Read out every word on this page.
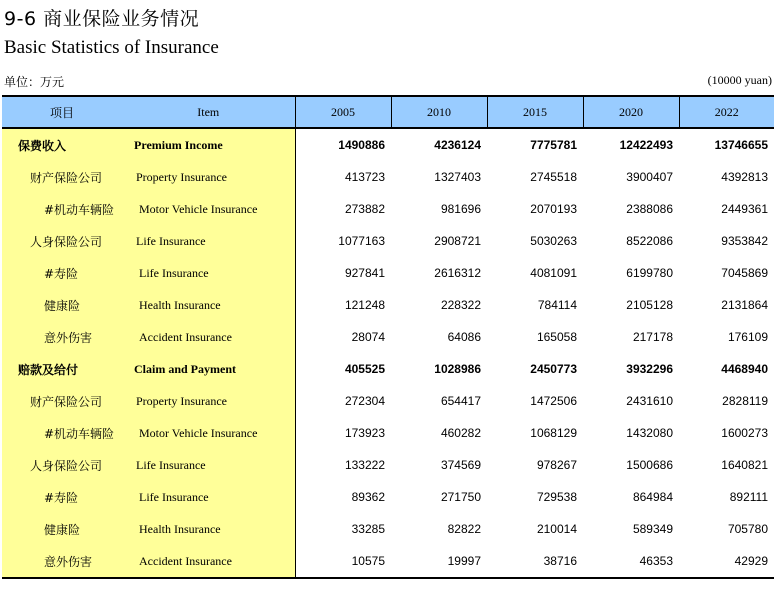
9-6 商业保险业务情况
Basic Statistics of Insurance
单位：万元	(10000 yuan)
项目	Item	2005	2010	2015	2020	2022
保费收入	Premium Income	1490886	4236124	7775781	12422493	13746655
财产保险公司	Property Insurance	413723	1327403	2745518	3900407	4392813
#机动车辆险	Motor Vehicle Insurance	273882	981696	2070193	2388086	2449361
人身保险公司	Life Insurance	1077163	2908721	5030263	8522086	9353842
#寿险	Life Insurance	927841	2616312	4081091	6199780	7045869
健康险	Health Insurance	121248	228322	784114	2105128	2131864
意外伤害	Accident Insurance	28074	64086	165058	217178	176109
赔款及给付	Claim and Payment	405525	1028986	2450773	3932296	4468940
财产保险公司	Property Insurance	272304	654417	1472506	2431610	2828119
#机动车辆险	Motor Vehicle Insurance	173923	460282	1068129	1432080	1600273
人身保险公司	Life Insurance	133222	374569	978267	1500686	1640821
#寿险	Life Insurance	89362	271750	729538	864984	892111
健康险	Health Insurance	33285	82822	210014	589349	705780
意外伤害	Accident Insurance	10575	19997	38716	46353	42929
